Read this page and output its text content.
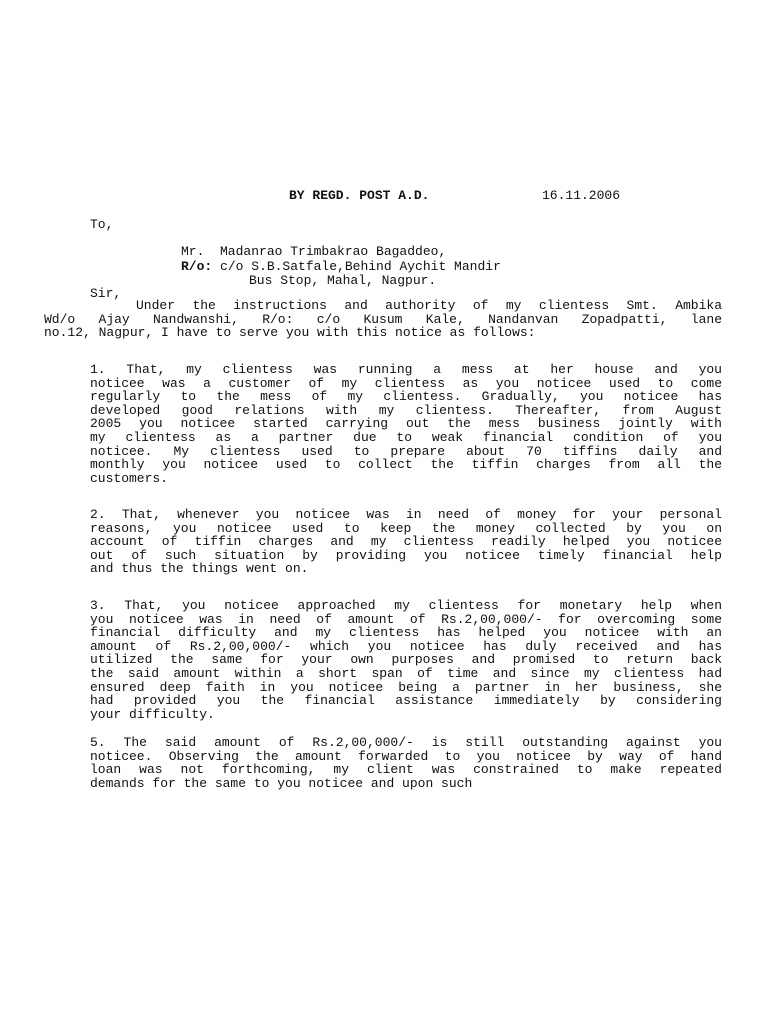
BY REGD. POST A.D.	16.11.2006
To,
Mr.  Madanrao Trimbakrao Bagaddeo,
R/o: c/o S.B.Satfale,Behind Aychit Mandir
Bus Stop, Mahal, Nagpur.
Sir,
Under the instructions and authority of my clientess Smt. Ambika
Wd/o Ajay Nandwanshi, R/o: c/o Kusum Kale, Nandanvan Zopadpatti, lane
no.12, Nagpur, I have to serve you with this notice as follows:
1. That, my clientess was running a mess at her house and you
noticee was a customer of my clientess as you noticee used to come
regularly to the mess of my clientess. Gradually, you noticee has
developed good relations with my clientess. Thereafter, from August
2005 you noticee started carrying out the mess business jointly with
my clientess as a partner due to weak financial condition of you
noticee. My clientess used to prepare about 70 tiffins daily and
monthly you noticee used to collect the tiffin charges from all the
customers.
2. That, whenever you noticee was in need of money for your personal
reasons, you noticee used to keep the money collected by you on
account of tiffin charges and my clientess readily helped you noticee
out of such situation by providing you noticee timely financial help
and thus the things went on.
3. That, you noticee approached my clientess for monetary help when
you noticee was in need of amount of Rs.2,00,000/- for overcoming some
financial difficulty and my clientess has helped you noticee with an
amount of Rs.2,00,000/- which you noticee has duly received and has
utilized the same for your own purposes and promised to return back
the said amount within a short span of time and since my clientess had
ensured deep faith in you noticee being a partner in her business, she
had provided you the financial assistance immediately by considering
your difficulty.
5. The said amount of Rs.2,00,000/- is still outstanding against you
noticee. Observing the amount forwarded to you noticee by way of hand
loan was not forthcoming, my client was constrained to make repeated
demands for the same to you noticee and upon such
